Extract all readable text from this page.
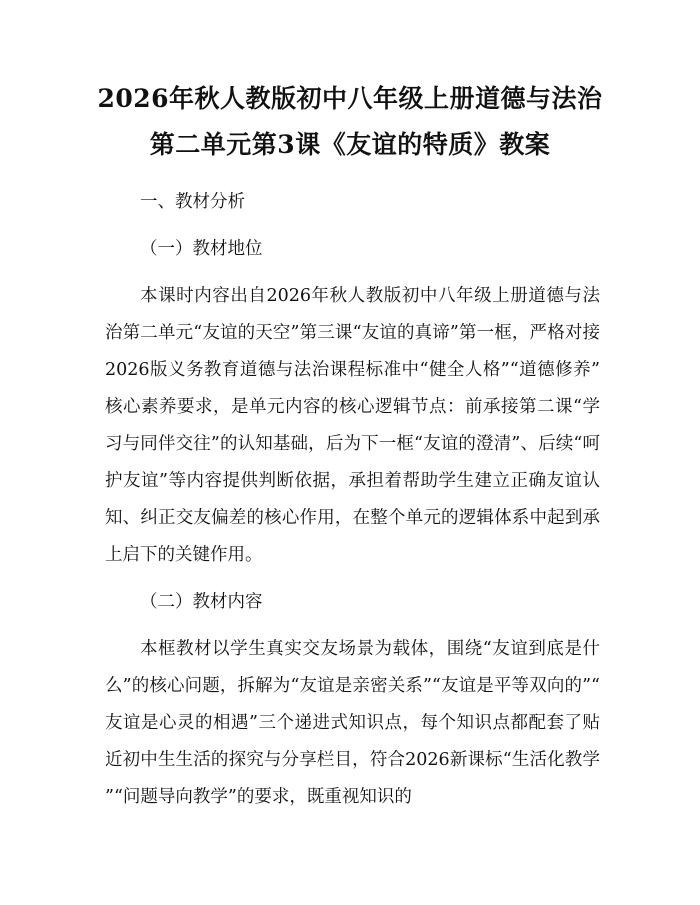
2026年秋人教版初中八年级上册道德与法治
第二单元第3课《友谊的特质》教案

一、教材分析

（一）教材地位

本课时内容出自2026年秋人教版初中八年级上册道德与法治第二单元“友谊的天空”第三课“友谊的真谛”第一框，严格对接2026版义务教育道德与法治课程标准中“健全人格”“道德修养”核心素养要求，是单元内容的核心逻辑节点：前承接第二课“学习与同伴交往”的认知基础，后为下一框“友谊的澄清”、后续“呵护友谊”等内容提供判断依据，承担着帮助学生建立正确友谊认知、纠正交友偏差的核心作用，在整个单元的逻辑体系中起到承上启下的关键作用。

（二）教材内容

本框教材以学生真实交友场景为载体，围绕“友谊到底是什么”的核心问题，拆解为“友谊是亲密关系”“友谊是平等双向的”“友谊是心灵的相遇”三个递进式知识点，每个知识点都配套了贴近初中生生活的探究与分享栏目，符合2026新课标“生活化教学”“问题导向教学”的要求，既重视知识的
